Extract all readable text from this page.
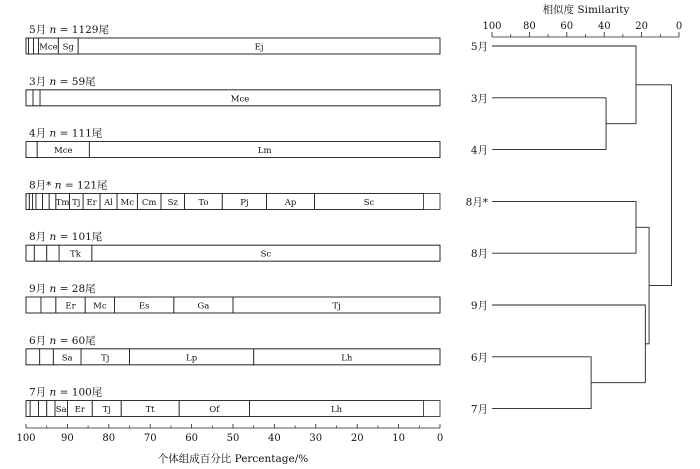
5月 n = 1129尾
Mce Sg	Ej
3月 n = 59尾
Mce
4月 n = 111尾
Mce	Lm
8月* n = 121尾
Tm Tj Er Al Mc Cm Sz To	Pj	Ap	Sc
8月 n = 101尾
Tk	Sc
9月 n = 28尾
Er Mc	Es	Ga	Tj
6月 n = 60尾
Sa	Tj	Lp	Lh
7月 n = 100尾
Sa Er Tj	Tt	Of	Lh
100	90	80	70	60	50	40	30	20	10	0
个体组成百分比 Percentage/%
100 80 60 40 20	0
5月
3月
4月
8月*
8月
9月
6月
7月
相似度 Similarity
